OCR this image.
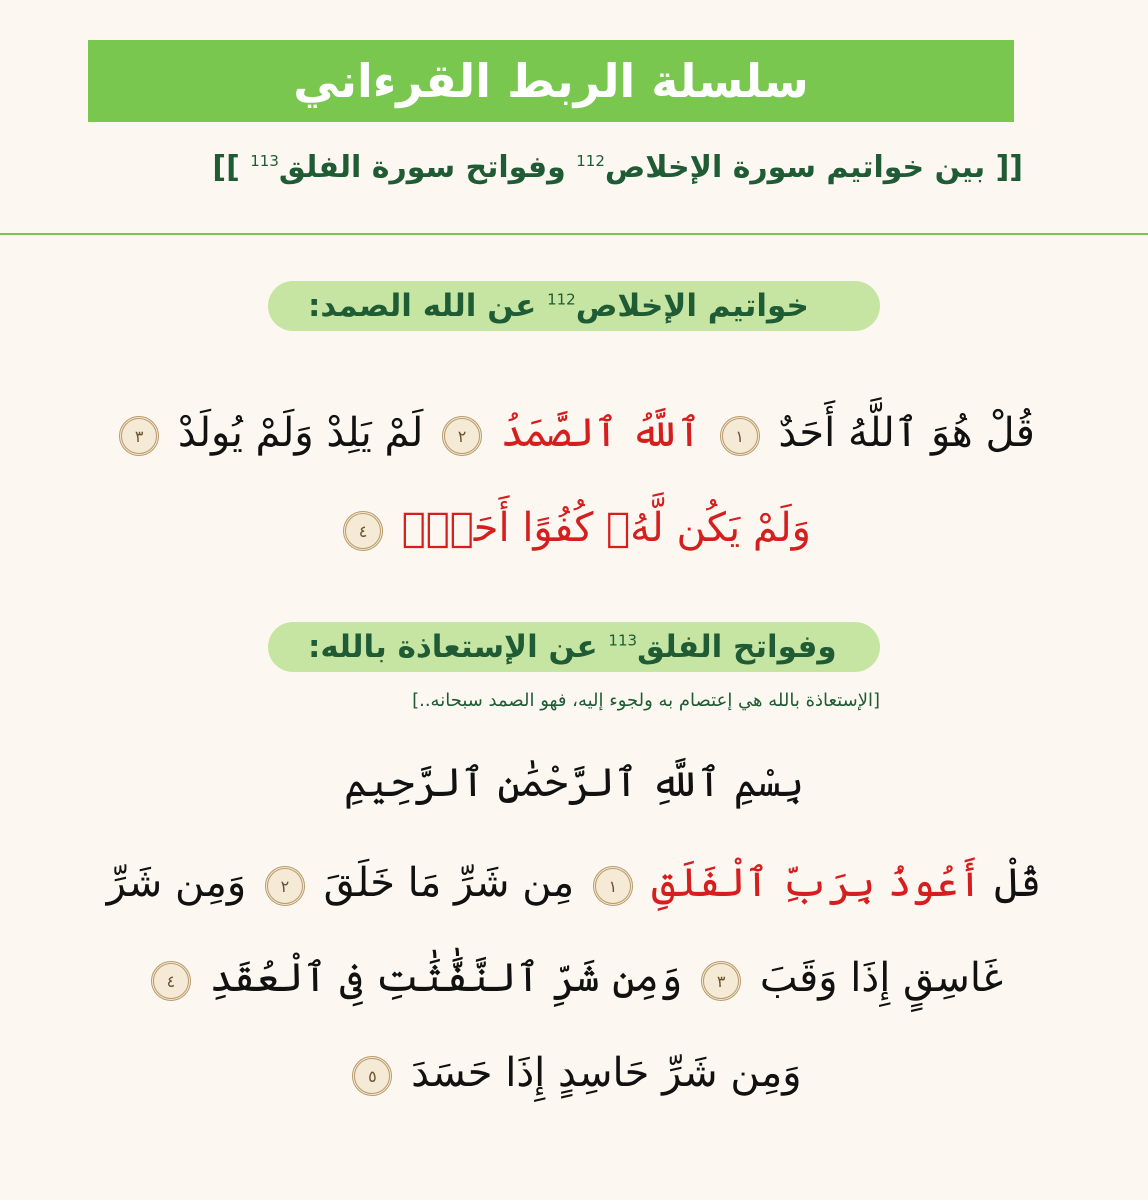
سلسلة الربط القرءاني
[[ بين خواتيم سورة الإخلاص$^{112}$ وفواتح سورة الفلق$^{113}$ ]]
خواتيم الإخلاص$^{112}$ عن الله الصمد:
قُلْ هُوَ ٱللَّهُ أَحَدٌ ١ ٱللَّهُ ٱلصَّمَدُ ٢ لَمْ يَلِدْ وَلَمْ يُولَدْ ٣
وَلَمْ يَكُن لَّهُۥ كُفُوًا أَحَدٌۢ ٤
وفواتح الفلق$^{113}$ عن الإستعاذة بالله:
[الإستعاذة بالله هي إعتصام به ولجوء إليه، فهو الصمد سبحانه..]
بِسْمِ ٱللَّهِ ٱلرَّحْمَٰنِ ٱلرَّحِيمِ
قُلْ أَعُوذُ بِرَبِّ ٱلْفَلَقِ ١ مِن شَرِّ مَا خَلَقَ ٢ وَمِن شَرِّ
غَاسِقٍ إِذَا وَقَبَ ٣ وَمِن شَرِّ ٱلنَّفَّٰثَٰتِ فِى ٱلْعُقَدِ ٤
وَمِن شَرِّ حَاسِدٍ إِذَا حَسَدَ ٥
